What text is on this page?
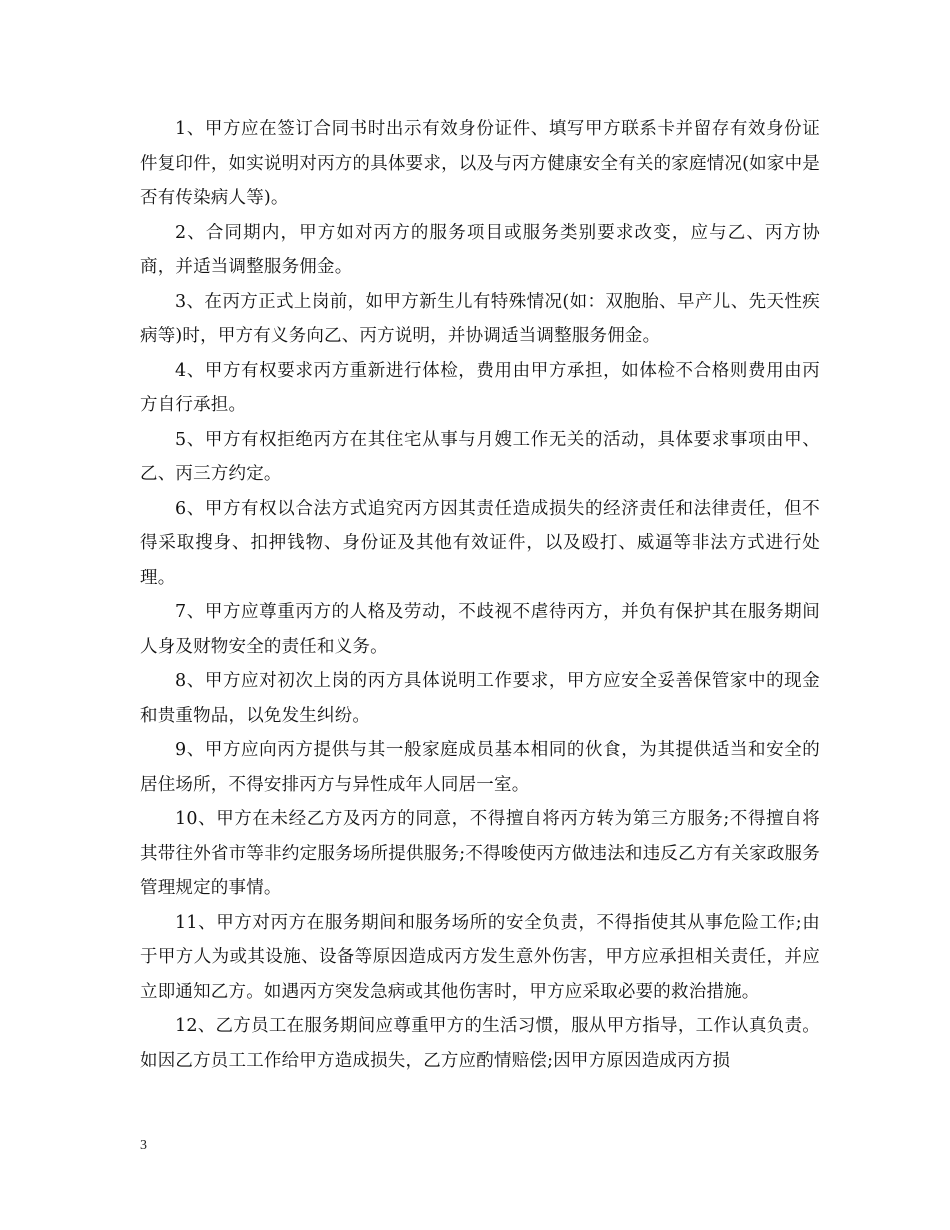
1、甲方应在签订合同书时出示有效身份证件、填写甲方联系卡并留存有效身份证件复印件，如实说明对丙方的具体要求，以及与丙方健康安全有关的家庭情况(如家中是否有传染病人等)。

2、合同期内，甲方如对丙方的服务项目或服务类别要求改变，应与乙、丙方协商，并适当调整服务佣金。

3、在丙方正式上岗前，如甲方新生儿有特殊情况(如：双胞胎、早产儿、先天性疾病等)时，甲方有义务向乙、丙方说明，并协调适当调整服务佣金。

4、甲方有权要求丙方重新进行体检，费用由甲方承担，如体检不合格则费用由丙方自行承担。

5、甲方有权拒绝丙方在其住宅从事与月嫂工作无关的活动，具体要求事项由甲、乙、丙三方约定。

6、甲方有权以合法方式追究丙方因其责任造成损失的经济责任和法律责任，但不得采取搜身、扣押钱物、身份证及其他有效证件，以及殴打、威逼等非法方式进行处理。

7、甲方应尊重丙方的人格及劳动，不歧视不虐待丙方，并负有保护其在服务期间人身及财物安全的责任和义务。

8、甲方应对初次上岗的丙方具体说明工作要求，甲方应安全妥善保管家中的现金和贵重物品，以免发生纠纷。

9、甲方应向丙方提供与其一般家庭成员基本相同的伙食，为其提供适当和安全的居住场所，不得安排丙方与异性成年人同居一室。

10、甲方在未经乙方及丙方的同意，不得擅自将丙方转为第三方服务;不得擅自将其带往外省市等非约定服务场所提供服务;不得唆使丙方做违法和违反乙方有关家政服务管理规定的事情。

11、甲方对丙方在服务期间和服务场所的安全负责，不得指使其从事危险工作;由于甲方人为或其设施、设备等原因造成丙方发生意外伤害，甲方应承担相关责任，并应立即通知乙方。如遇丙方突发急病或其他伤害时，甲方应采取必要的救治措施。

12、乙方员工在服务期间应尊重甲方的生活习惯，服从甲方指导，工作认真负责。如因乙方员工工作给甲方造成损失，乙方应酌情赔偿;因甲方原因造成丙方损

3
